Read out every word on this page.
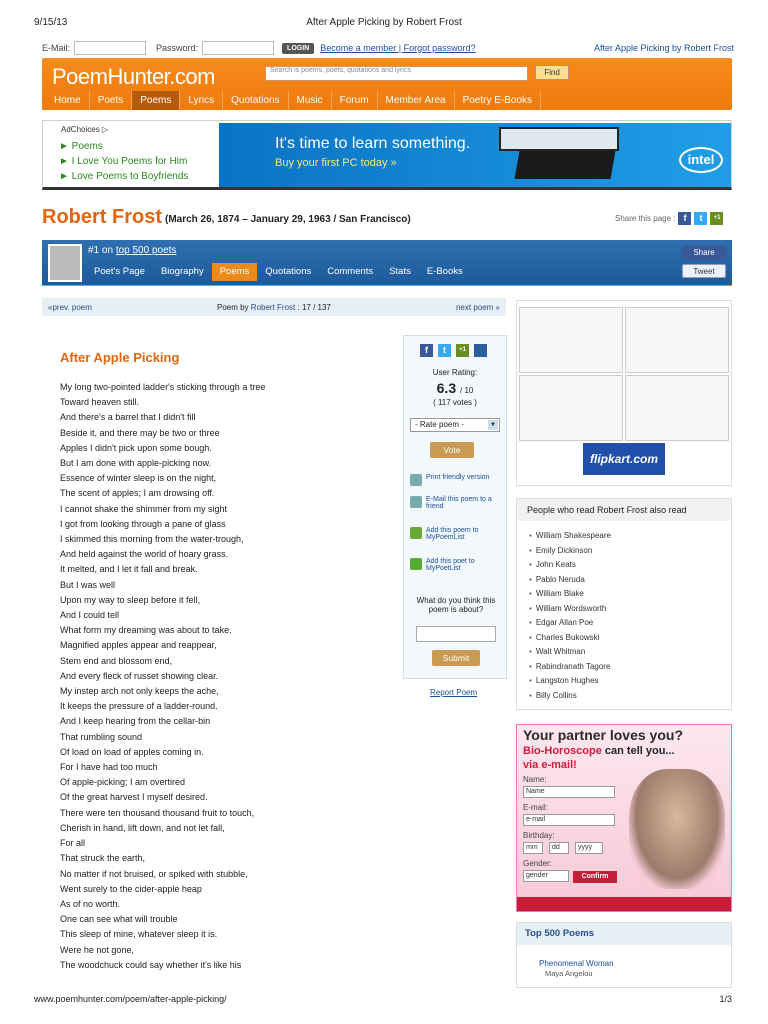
9/15/13	After Apple Picking by Robert Frost
E-Mail:	Password:	LOGIN	Become a member | Forgot password?	After Apple Picking by Robert Frost
PoemHunter.com	Search is poems, poets, quotations and lyrics	Find
Home	Poets	Poems	Lyrics	Quotations	Music	Forum	Member Area	Poetry E-Books
AdChoices ▷
► Poems
► I Love You Poems for Him
► Love Poems to Boyfriends
It's time to learn something.
Buy your first PC today »	intel
Robert Frost (March 26, 1874 – January 29, 1963 / San Francisco)	Share this page : f	t	+1
#1 on top 500 poets
Poet's Page	Biography	Poems	Quotations	Comments	Stats	E-Books
Share
Tweet
«prev. poem	Poem by Robert Frost : 17 / 137	next poem »
After Apple Picking
My long two-pointed ladder's sticking through a tree
Toward heaven still.
And there's a barrel that I didn't fill
Beside it, and there may be two or three
Apples I didn't pick upon some bough.
But I am done with apple-picking now.
Essence of winter sleep is on the night,
The scent of apples; I am drowsing off.
I cannot shake the shimmer from my sight
I got from looking through a pane of glass
I skimmed this morning from the water-trough,
And held against the world of hoary grass.
It melted, and I let it fall and break.
But I was well
Upon my way to sleep before it fell,
And I could tell
What form my dreaming was about to take.
Magnified apples appear and reappear,
Stem end and blossom end,
And every fleck of russet showing clear.
My instep arch not only keeps the ache,
It keeps the pressure of a ladder-round.
And I keep hearing from the cellar-bin
That rumbling sound
Of load on load of apples coming in.
For I have had too much
Of apple-picking; I am overtired
Of the great harvest I myself desired.
There were ten thousand thousand fruit to touch,
Cherish in hand, lift down, and not let fall,
For all
That struck the earth,
No matter if not bruised, or spiked with stubble,
Went surely to the cider-apple heap
As of no worth.
One can see what will trouble
This sleep of mine, whatever sleep it is.
Were he not gone,
The woodchuck could say whether it's like his
f	t	+1
User Rating:
6.3 / 10
( 117 votes )
- Rate poem -	▼
Vote
Print friendly version
E-Mail this poem to a friend
Add this poem to MyPoemList
Add this poet to MyPoetList
What do you think this poem is about?
Submit
Report Poem
flipkart.com
People who read Robert Frost also read
▪ William Shakespeare
▪ Emily Dickinson
▪ John Keats
▪ Pablo Neruda
▪ William Blake
▪ William Wordsworth
▪ Edgar Allan Poe
▪ Charles Bukowski
▪ Walt Whitman
▪ Rabindranath Tagore
▪ Langston Hughes
▪ Billy Collins
Your partner loves you?
Bio-Horoscope can tell you...
via e-mail!
Name:
Name
E-mail:
e-mail
Birthday:
mm	dd	yyyy
Gender:
gender	Confirm
Top 500 Poems
Phenomenal Woman
Maya Angelou
www.poemhunter.com/poem/after-apple-picking/	1/3
